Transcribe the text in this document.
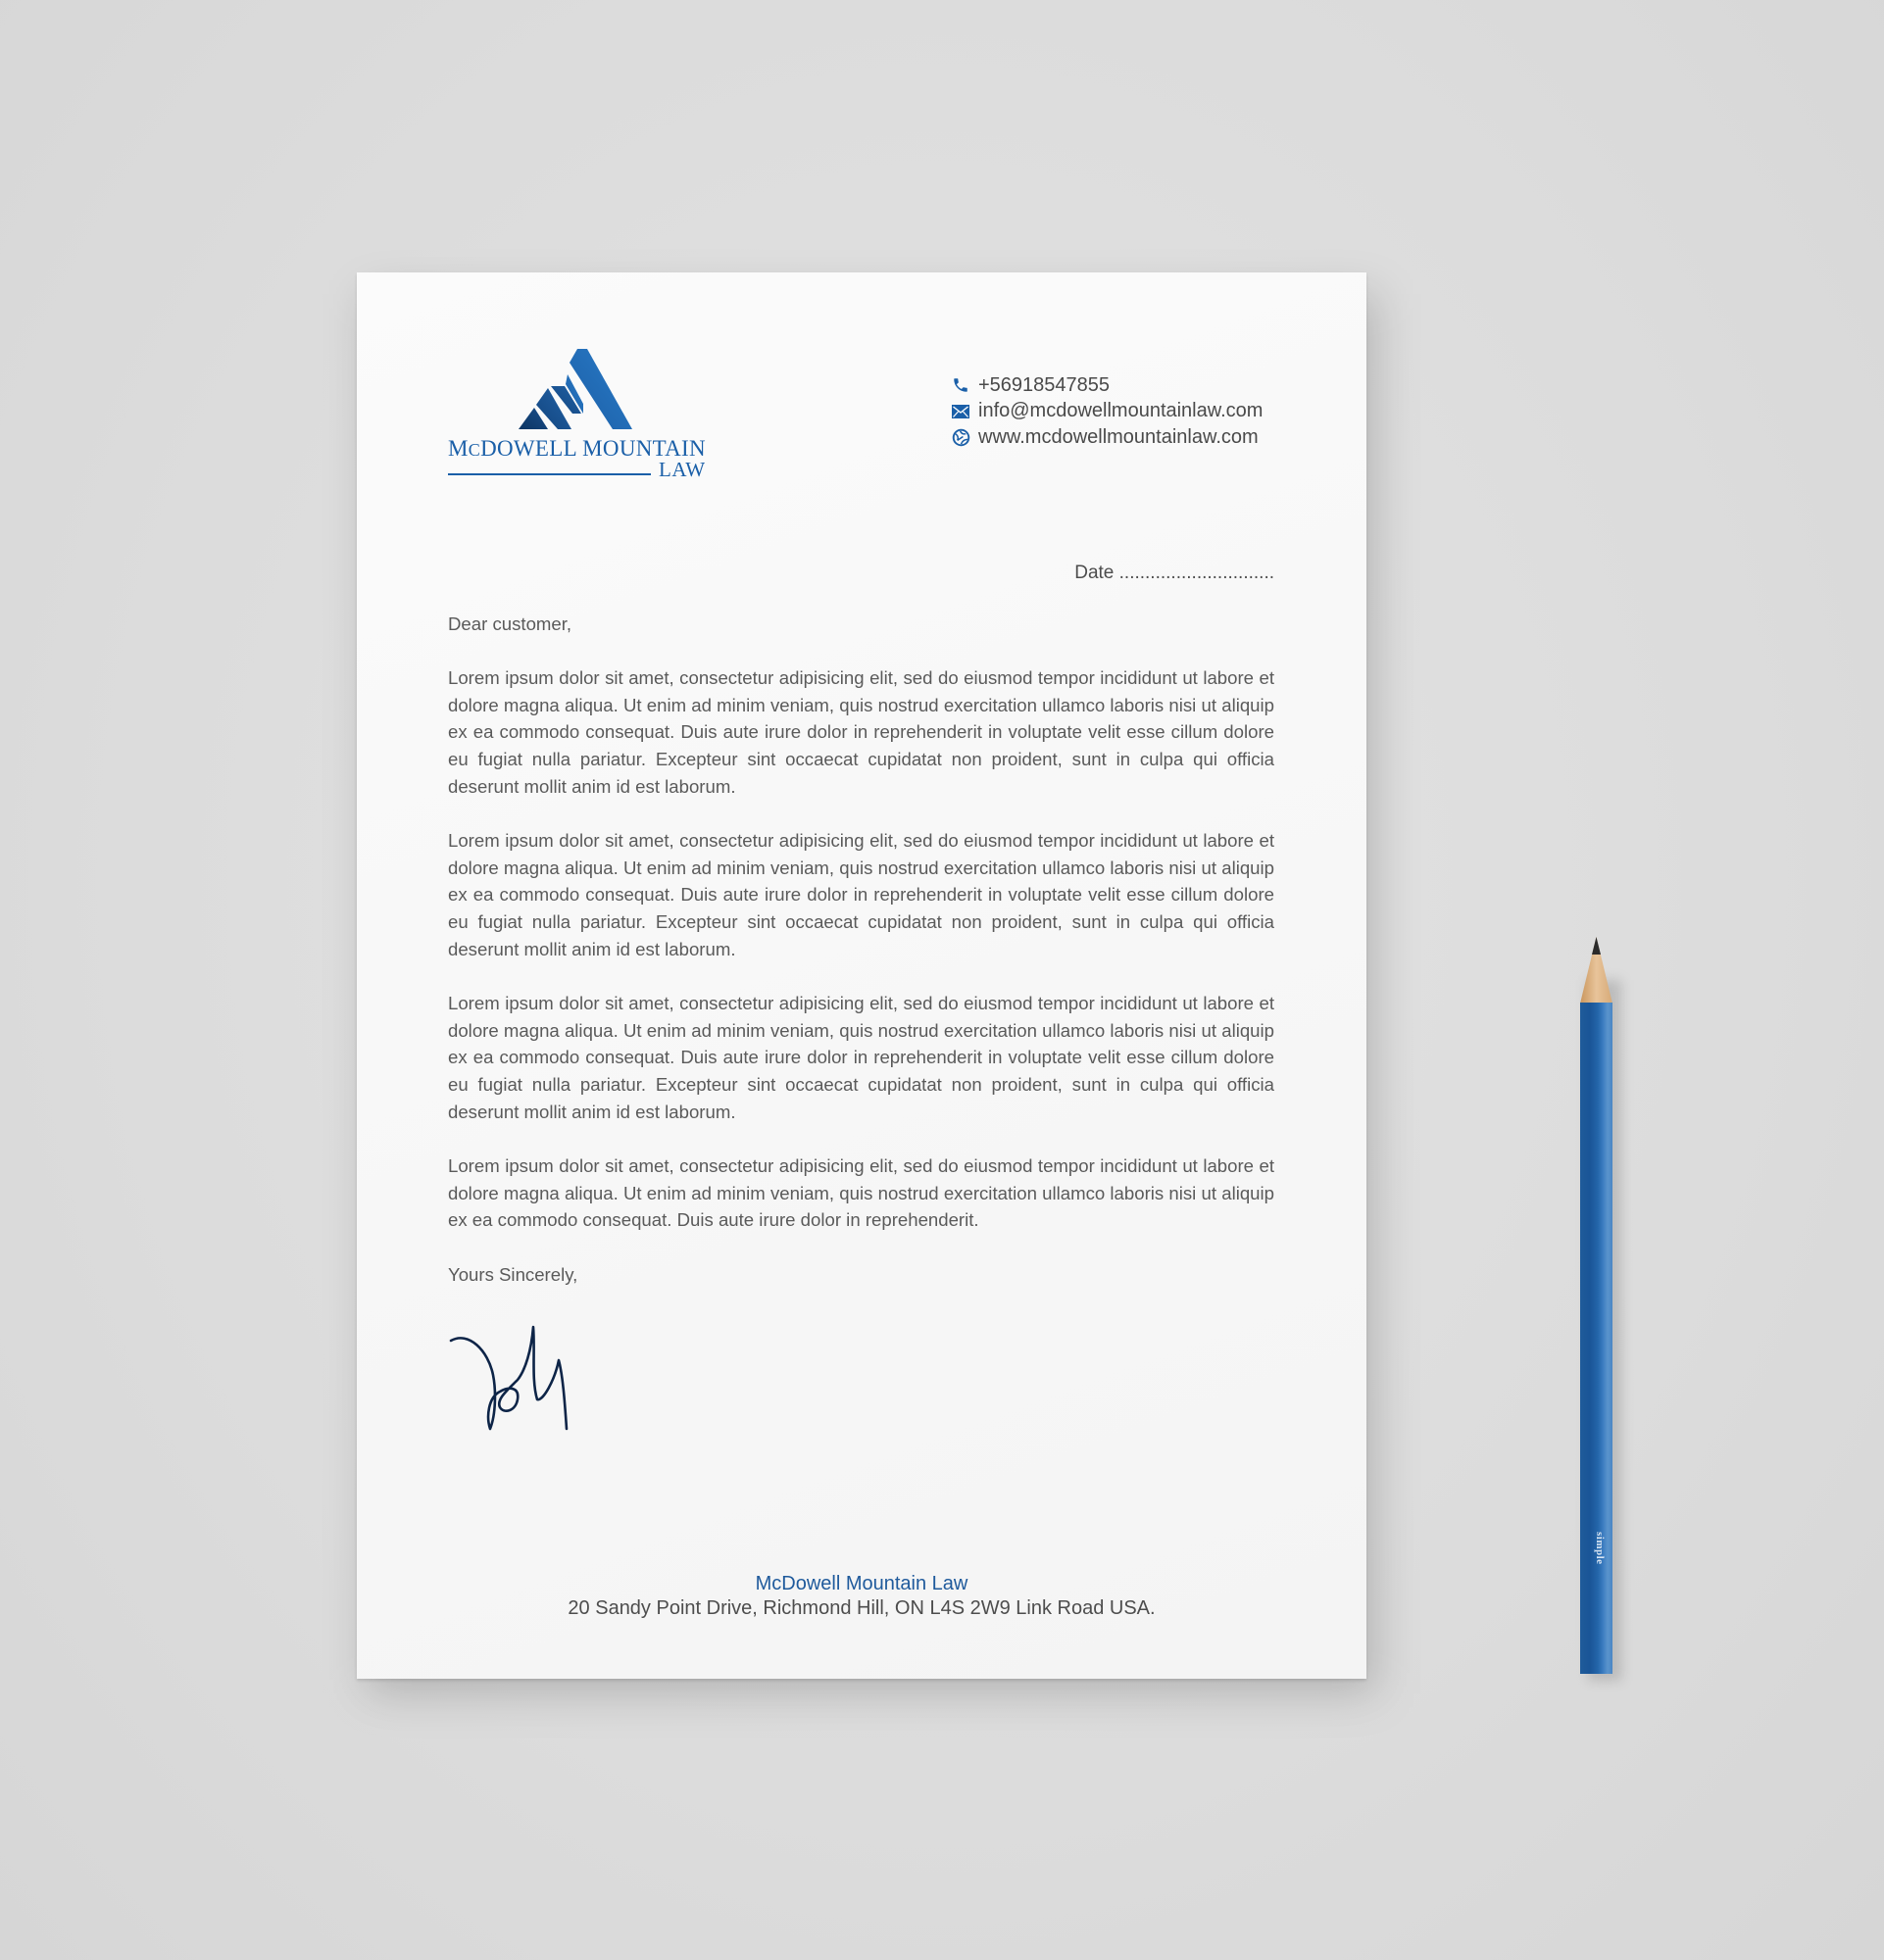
MCDOWELL MOUNTAIN
LAW
+56918547855
info@mcdowellmountainlaw.com
www.mcdowellmountainlaw.com
Date ..............................
Dear customer,
Lorem ipsum dolor sit amet, consectetur adipisicing elit, sed do eiusmod tempor incididunt ut labore et dolore magna aliqua. Ut enim ad minim veniam, quis nostrud exercitation ullamco laboris nisi ut aliquip ex ea commodo consequat. Duis aute irure dolor in reprehenderit in voluptate velit esse cillum dolore eu fugiat nulla pariatur. Excepteur sint occaecat cupidatat non proident, sunt in culpa qui officia deserunt mollit anim id est laborum.
Lorem ipsum dolor sit amet, consectetur adipisicing elit, sed do eiusmod tempor incididunt ut labore et dolore magna aliqua. Ut enim ad minim veniam, quis nostrud exercitation ullamco laboris nisi ut aliquip ex ea commodo consequat. Duis aute irure dolor in reprehenderit in voluptate velit esse cillum dolore eu fugiat nulla pariatur. Excepteur sint occaecat cupidatat non proident, sunt in culpa qui officia deserunt mollit anim id est laborum.
Lorem ipsum dolor sit amet, consectetur adipisicing elit, sed do eiusmod tempor incididunt ut labore et dolore magna aliqua. Ut enim ad minim veniam, quis nostrud exercitation ullamco laboris nisi ut aliquip ex ea commodo consequat. Duis aute irure dolor in reprehenderit in voluptate velit esse cillum dolore eu fugiat nulla pariatur. Excepteur sint occaecat cupidatat non proident, sunt in culpa qui officia deserunt mollit anim id est laborum.
Lorem ipsum dolor sit amet, consectetur adipisicing elit, sed do eiusmod tempor incididunt ut labore et dolore magna aliqua. Ut enim ad minim veniam, quis nostrud exercitation ullamco laboris nisi ut aliquip ex ea commodo consequat. Duis aute irure dolor in reprehenderit.
Yours Sincerely,
McDowell Mountain Law
20 Sandy Point Drive, Richmond Hill, ON L4S 2W9 Link Road USA.
simple
